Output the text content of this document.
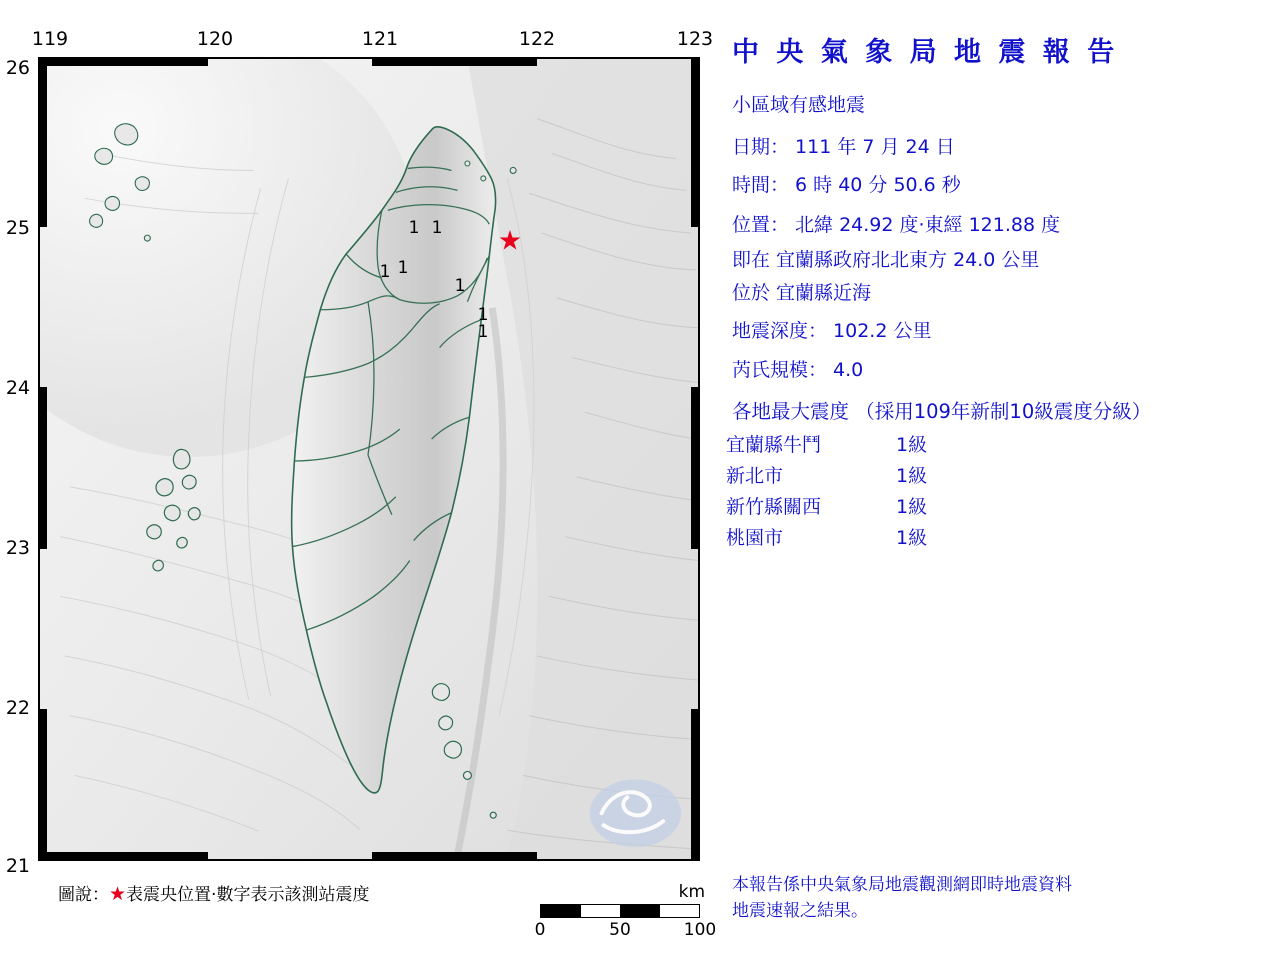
119	120	121	122	123
26
25
24
23
22
21
1 1
1 1
1
1
1
★
圖說：★表震央位置‧數字表示該測站震度	km
0	50	100
中 央 氣 象 局 地 震 報 告
小區域有感地震
日期： 111 年 7 月 24 日
時間： 6 時 40 分 50.6 秒
位置： 北緯 24.92 度‧東經 121.88 度
即在 宜蘭縣政府北北東方 24.0 公里
位於 宜蘭縣近海
地震深度： 102.2 公里
芮氏規模： 4.0
各地最大震度 （採用109年新制10級震度分級）
宜蘭縣牛鬥	1級
新北市	1級
新竹縣關西	1級
桃園市	1級
本報告係中央氣象局地震觀測網即時地震資料
地震速報之結果。
